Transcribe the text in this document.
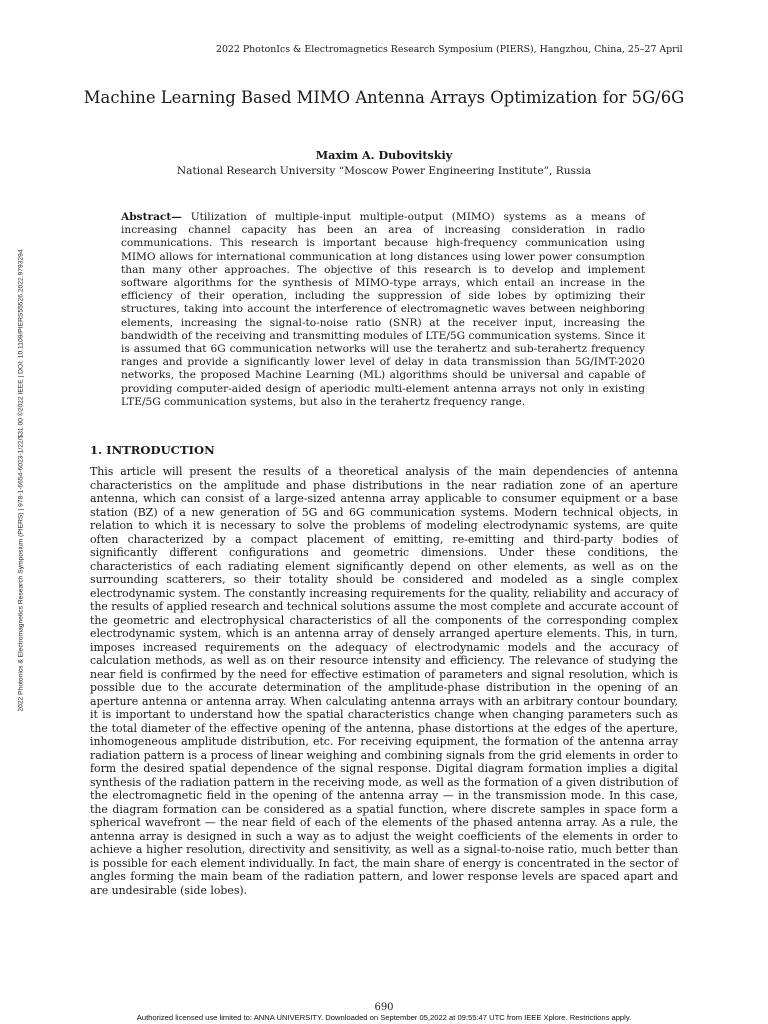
2022 PhotonIcs & Electromagnetics Research Symposium (PIERS), Hangzhou, China, 25–27 April
2022 Photonics & Electromagnetics Research Symposium (PIERS) | 978-1-6654-6023-1/22/$31.00 ©2022 IEEE | DOI: 10.1109/PIERS55526.2022.9793294
Machine Learning Based MIMO Antenna Arrays Optimization for 5G/6G
Maxim A. Dubovitskiy
National Research University “Moscow Power Engineering Institute”, Russia
Abstract— Utilization of multiple-input multiple-output (MIMO) systems as a means of increasing channel capacity has been an area of increasing consideration in radio communications. This research is important because high-frequency communication using MIMO allows for international communication at long distances using lower power consumption than many other approaches. The objective of this research is to develop and implement software algorithms for the synthesis of MIMO-type arrays, which entail an increase in the efficiency of their operation, including the suppression of side lobes by optimizing their structures, taking into account the interference of electromagnetic waves between neighboring elements, increasing the signal-to-noise ratio (SNR) at the receiver input, increasing the bandwidth of the receiving and transmitting modules of LTE/5G communication systems. Since it is assumed that 6G communication networks will use the terahertz and sub-terahertz frequency ranges and provide a significantly lower level of delay in data transmission than 5G/IMT-2020 networks, the proposed Machine Learning (ML) algorithms should be universal and capable of providing computer-aided design of aperiodic multi-element antenna arrays not only in existing LTE/5G communication systems, but also in the terahertz frequency range.
1. INTRODUCTION
This article will present the results of a theoretical analysis of the main dependencies of antenna characteristics on the amplitude and phase distributions in the near radiation zone of an aperture antenna, which can consist of a large-sized antenna array applicable to consumer equipment or a base station (BZ) of a new generation of 5G and 6G communication systems. Modern technical objects, in relation to which it is necessary to solve the problems of modeling electrodynamic systems, are quite often characterized by a compact placement of emitting, re-emitting and third-party bodies of significantly different configurations and geometric dimensions. Under these conditions, the characteristics of each radiating element significantly depend on other elements, as well as on the surrounding scatterers, so their totality should be considered and modeled as a single complex electrodynamic system. The constantly increasing requirements for the quality, reliability and accuracy of the results of applied research and technical solutions assume the most complete and accurate account of the geometric and electrophysical characteristics of all the components of the corresponding complex electrodynamic system, which is an antenna array of densely arranged aperture elements. This, in turn, imposes increased requirements on the adequacy of electrodynamic models and the accuracy of calculation methods, as well as on their resource intensity and efficiency. The relevance of studying the near field is confirmed by the need for effective estimation of parameters and signal resolution, which is possible due to the accurate determination of the amplitude-phase distribution in the opening of an aperture antenna or antenna array. When calculating antenna arrays with an arbitrary contour boundary, it is important to understand how the spatial characteristics change when changing parameters such as the total diameter of the effective opening of the antenna, phase distortions at the edges of the aperture, inhomogeneous amplitude distribution, etc. For receiving equipment, the formation of the antenna array radiation pattern is a process of linear weighing and combining signals from the grid elements in order to form the desired spatial dependence of the signal response. Digital diagram formation implies a digital synthesis of the radiation pattern in the receiving mode, as well as the formation of a given distribution of the electromagnetic field in the opening of the antenna array — in the transmission mode. In this case, the diagram formation can be considered as a spatial function, where discrete samples in space form a spherical wavefront — the near field of each of the elements of the phased antenna array. As a rule, the antenna array is designed in such a way as to adjust the weight coefficients of the elements in order to achieve a higher resolution, directivity and sensitivity, as well as a signal-to-noise ratio, much better than is possible for each element individually. In fact, the main share of energy is concentrated in the sector of angles forming the main beam of the radiation pattern, and lower response levels are spaced apart and are undesirable (side lobes).
690
Authorized licensed use limited to: ANNA UNIVERSITY. Downloaded on September 05,2022 at 09:55:47 UTC from IEEE Xplore. Restrictions apply.
